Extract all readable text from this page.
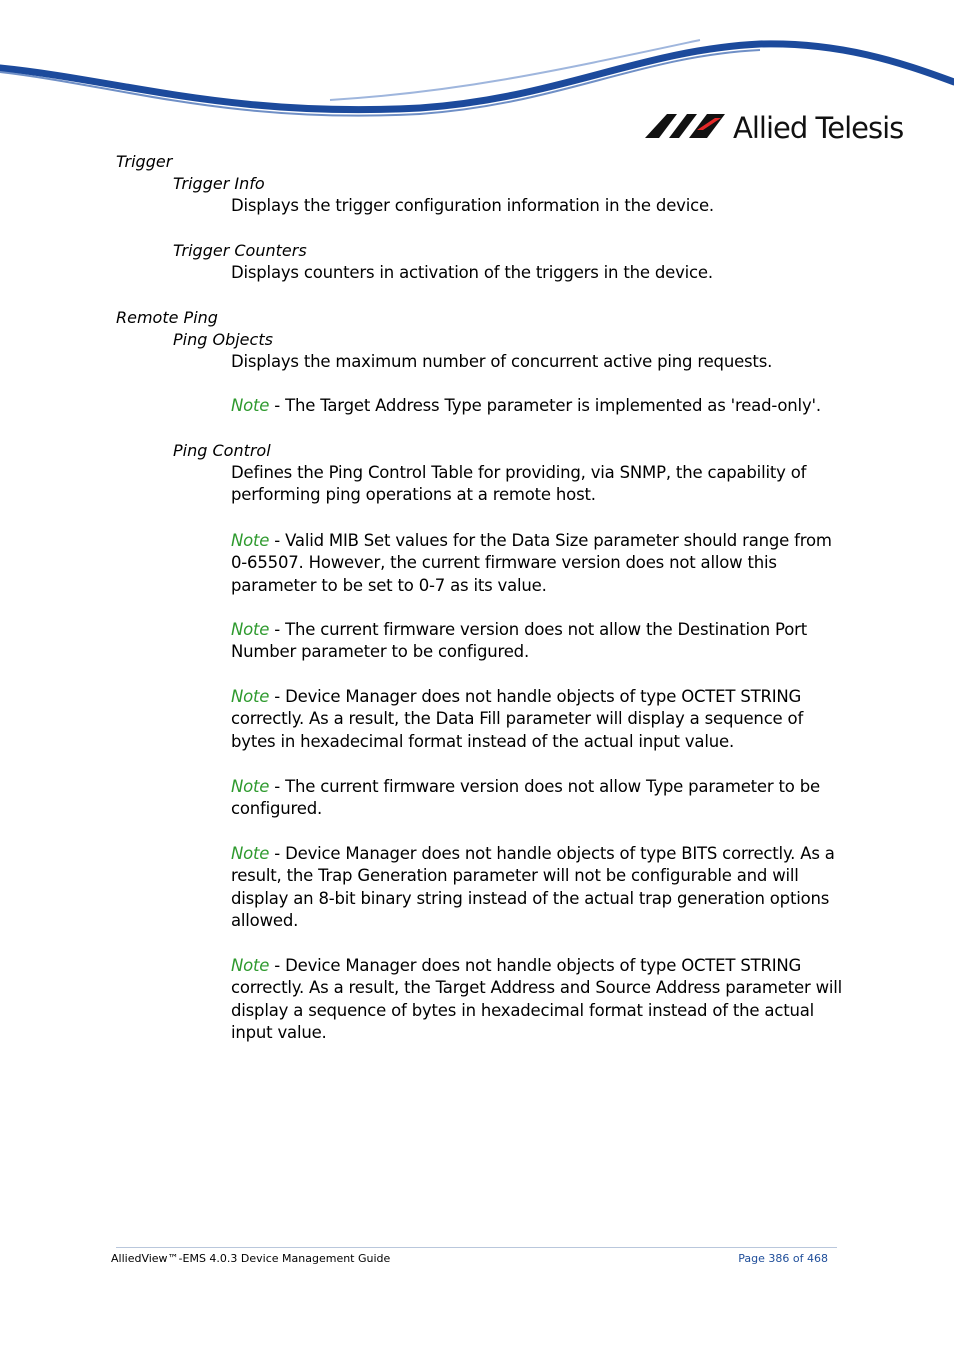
Allied Telesis
Trigger
Trigger Info
Displays the trigger configuration information in the device.
Trigger Counters
Displays counters in activation of the triggers in the device.
Remote Ping
Ping Objects
Displays the maximum number of concurrent active ping requests.
Note - The Target Address Type parameter is implemented as 'read-only'.
Ping Control
Defines the Ping Control Table for providing, via SNMP, the capability of performing ping operations at a remote host.
Note - Valid MIB Set values for the Data Size parameter should range from 0-65507. However, the current firmware version does not allow this parameter to be set to 0-7 as its value.
Note - The current firmware version does not allow the Destination Port Number parameter to be configured.
Note - Device Manager does not handle objects of type OCTET STRING correctly. As a result, the Data Fill parameter will display a sequence of bytes in hexadecimal format instead of the actual input value.
Note - The current firmware version does not allow Type parameter to be configured.
Note - Device Manager does not handle objects of type BITS correctly. As a result, the Trap Generation parameter will not be configurable and will display an 8-bit binary string instead of the actual trap generation options allowed.
Note - Device Manager does not handle objects of type OCTET STRING correctly. As a result, the Target Address and Source Address parameter will display a sequence of bytes in hexadecimal format instead of the actual input value.
AlliedView™-EMS 4.0.3 Device Management Guide	Page 386 of 468
